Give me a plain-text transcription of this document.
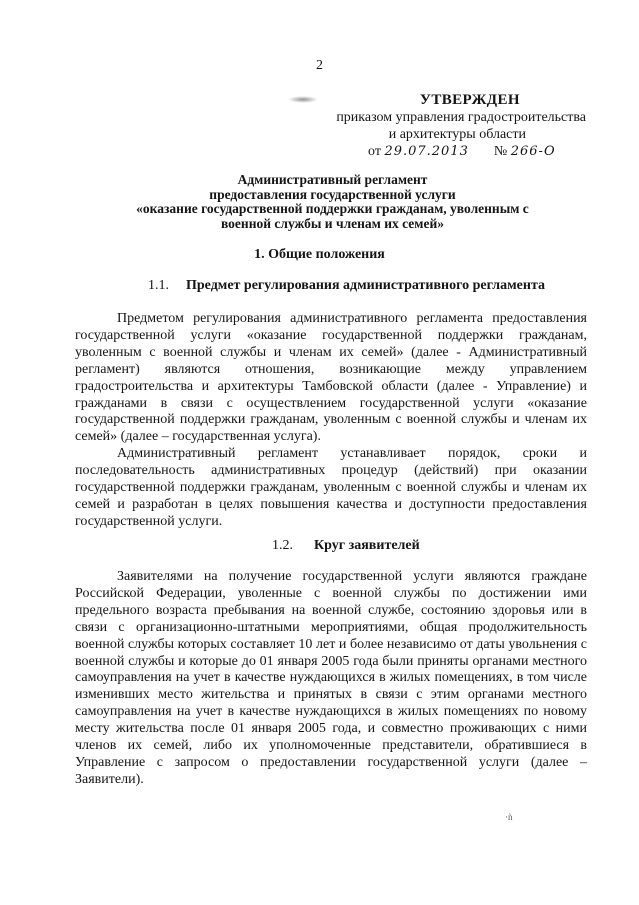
2
УТВЕРЖДЕН
приказом управления градостроительства
и архитектуры области
от 29.07.2013 № 266-О
Административный регламент
предоставления государственной услуги
«оказание государственной поддержки гражданам, уволенным с
военной службы и членам их семей»
1. Общие положения
1.1. Предмет регулирования административного регламента

Предметом регулирования административного регламента предоставления государственной услуги «оказание государственной поддержки гражданам, уволенным с военной службы и членам их семей» (далее - Административный регламент) являются отношения, возникающие между управлением градостроительства и архитектуры Тамбовской области (далее - Управление) и гражданами в связи с осуществлением государственной услуги «оказание государственной поддержки гражданам, уволенным с военной службы и членам их семей» (далее – государственная услуга).

Административный регламент устанавливает порядок, сроки и последовательность административных процедур (действий) при оказании государственной поддержки гражданам, уволенным с военной службы и членам их семей и разработан в целях повышения качества и доступности предоставления государственной услуги.

1.2. Круг заявителей

Заявителями на получение государственной услуги являются граждане Российской Федерации, уволенные с военной службы по достижении ими предельного возраста пребывания на военной службе, состоянию здоровья или в связи с организационно-штатными мероприятиями, общая продолжительность военной службы которых составляет 10 лет и более независимо от даты увольнения с военной службы и которые до 01 января 2005 года были приняты органами местного самоуправления на учет в качестве нуждающихся в жилых помещениях, в том числе изменивших место жительства и принятых в связи с этим органами местного самоуправления на учет в качестве нуждающихся в жилых помещениях по новому месту жительства после 01 января 2005 года, и совместно проживающих с ними членов их семей, либо их уполномоченные представители, обратившиеся в Управление с запросом о предоставлении государственной услуги (далее – Заявители).

·ǹ
